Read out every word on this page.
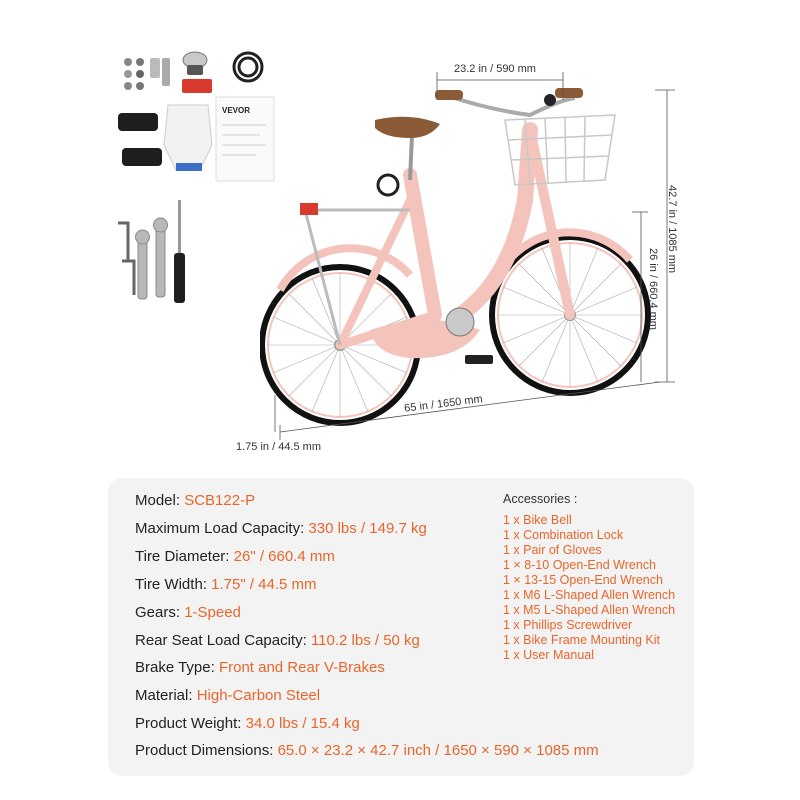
VEVOR
23.2 in / 590 mm
42.7 in / 1085 mm
26 in / 660.4 mm
65 in / 1650 mm
1.75 in / 44.5 mm
Model: SCB122-P
Maximum Load Capacity: 330 lbs / 149.7 kg
Tire Diameter: 26" / 660.4 mm
Tire Width: 1.75" / 44.5 mm
Gears: 1-Speed
Rear Seat Load Capacity: 110.2 lbs / 50 kg
Brake Type: Front and Rear V-Brakes
Material: High-Carbon Steel
Product Weight: 34.0 lbs / 15.4 kg
Product Dimensions: 65.0 × 23.2 × 42.7 inch / 1650 × 590 × 1085 mm
Accessories :
1 x Bike Bell
1 x Combination Lock
1 x Pair of Gloves
1 × 8-10 Open-End Wrench
1 × 13-15 Open-End Wrench
1 x M6 L-Shaped Allen Wrench
1 x M5 L-Shaped Allen Wrench
1 x Phillips Screwdriver
1 x Bike Frame Mounting Kit
1 x User Manual
